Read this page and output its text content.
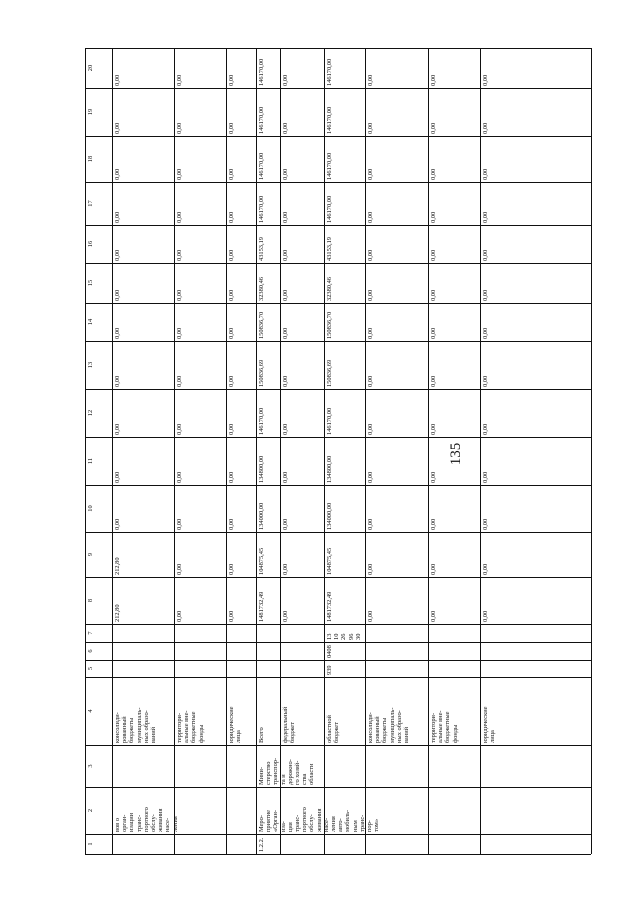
135
1
2
3
4
5
6
7
8
9
10
11
12
13
14
15
16
17
18
19
20
вов о
орган-
изации
транс-
портного
обслу-
живания
насе-
ления
консолиди-
рованный
бюджеты
муниципаль-
ных образо-
ваний
212,80
212,80
0,00
0,00
0,00
0,00
0,00
0,00
0,00
0,00
0,00
0,00
0,00
территори-
альные вне-
бюджетные
фонды
0,00
0,00
0,00
0,00
0,00
0,00
0,00
0,00
0,00
0,00
0,00
0,00
0,00
юридические
лица
0,00
0,00
0,00
0,00
0,00
0,00
0,00
0,00
0,00
0,00
0,00
0,00
0,00
1.2.2.
Меро-
приятие
«Орган-
иза-
ция
транс-
портного
обслу-
живания
насе-
ления
авто-
мобиль-
ным
транс-
пор-
том»
Мини-
стерство
транспор-
та и
дорожно-
го хозяй-
ства
области
Всего
1481732,49
104875,45
134000,00
134800,00
146170,00
150836,69
150836,70
32380,46
43153,19
146170,00
146170,00
146170,00
146170,00
федеральный
бюджет
0,00
0,00
0,00
0,00
0,00
0,00
0,00
0,00
0,00
0,00
0,00
0,00
0,00
областной
бюджет
939
0408
13
10
26
96
30
1481732,49
104875,45
134000,00
134800,00
146170,00
150836,69
150836,70
32380,46
43153,19
146170,00
146170,00
146170,00
146170,00
консолиди-
рованный
бюджеты
муниципаль-
ных образо-
ваний
0,00
0,00
0,00
0,00
0,00
0,00
0,00
0,00
0,00
0,00
0,00
0,00
0,00
территори-
альные вне-
бюджетные
фонды
0,00
0,00
0,00
0,00
0,00
0,00
0,00
0,00
0,00
0,00
0,00
0,00
0,00
юридические
лица
0,00
0,00
0,00
0,00
0,00
0,00
0,00
0,00
0,00
0,00
0,00
0,00
0,00
